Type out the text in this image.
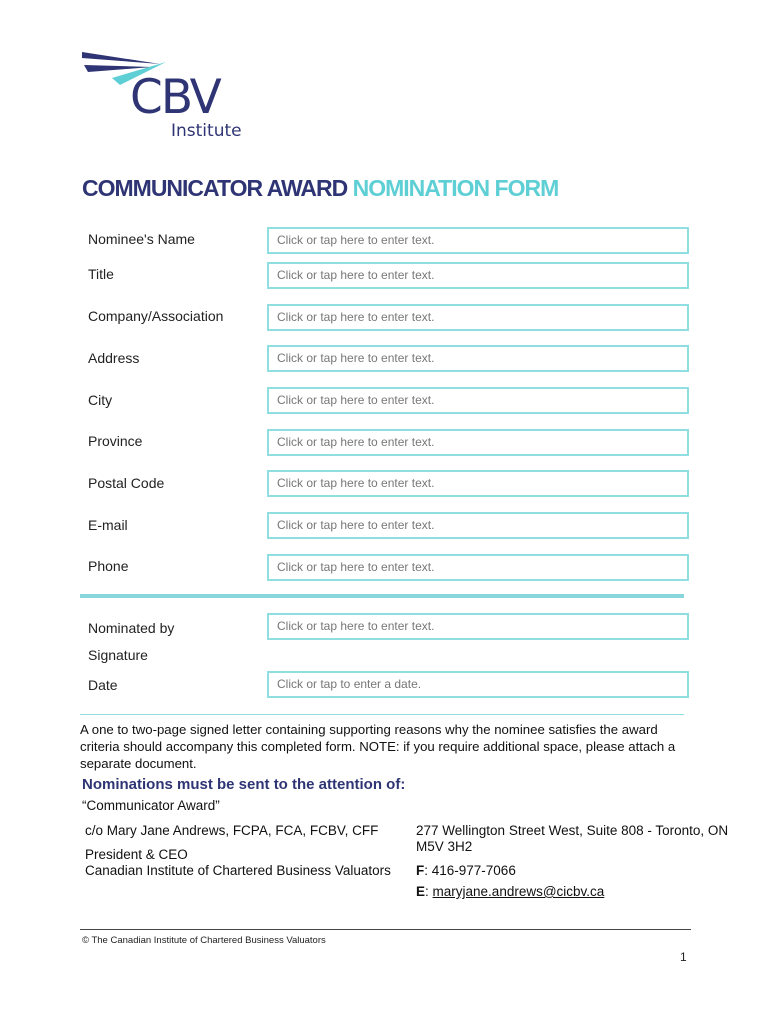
CBV
Institute
COMMUNICATOR AWARD NOMINATION FORM
Nominee's Name	Click or tap here to enter text.
Title	Click or tap here to enter text.
Company/Association	Click or tap here to enter text.
Address	Click or tap here to enter text.
City	Click or tap here to enter text.
Province	Click or tap here to enter text.
Postal Code	Click or tap here to enter text.
E-mail	Click or tap here to enter text.
Phone	Click or tap here to enter text.
Nominated by	Click or tap here to enter text.
Signature
Date	Click or tap to enter a date.
A one to two-page signed letter containing supporting reasons why the nominee satisfies the award criteria should accompany this completed form. NOTE: if you require additional space, please attach a separate document.
Nominations must be sent to the attention of:
“Communicator Award”
c/o Mary Jane Andrews, FCPA, FCA, FCBV, CFF
President & CEO
Canadian Institute of Chartered Business Valuators
277 Wellington Street West, Suite 808 - Toronto, ON
M5V 3H2
F: 416-977-7066
E: maryjane.andrews@cicbv.ca
© The Canadian Institute of Chartered Business Valuators
1
